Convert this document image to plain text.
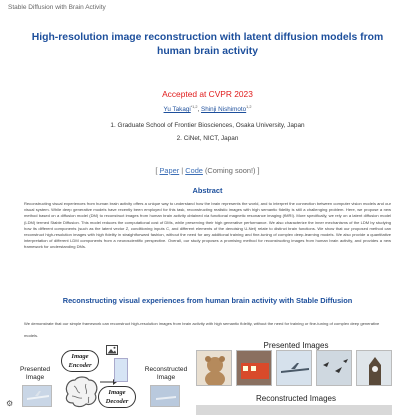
Stable Diffusion with Brain Activity
High-resolution image reconstruction with latent diffusion models from human brain activity
Accepted at CVPR 2023
Yu Takagi$^{*1,2}$, Shinji Nishimoto$^{1,2}$
1. Graduate School of Frontier Biosciences, Osaka University, Japan
2. CiNet, NICT, Japan
[ Paper | Code (Coming soon!) ]
Abstract
Reconstructing visual experiences from human brain activity offers a unique way to understand how the brain represents the world, and to interpret the connection between computer vision models and our visual system. While deep generative models have recently been employed for this task, reconstructing realistic images with high semantic fidelity is still a challenging problem. Here, we propose a new method based on a diffusion model (DM) to reconstruct images from human brain activity obtained via functional magnetic resonance imaging (fMRI). More specifically, we rely on a latent diffusion model (LDM) termed Stable Diffusion. This model reduces the computational cost of DMs, while preserving their high generative performance. We also characterize the inner mechanisms of the LDM by studying how its different components (such as the latent vector Z, conditioning inputs C, and different elements of the denoising U-Net) relate to distinct brain functions. We show that our proposed method can reconstruct high-resolution images with high fidelity in straightforward fashion, without the need for any additional training and fine-tuning of complex deep-learning models. We also provide a quantitative interpretation of different LDM components from a neuroscientific perspective. Overall, our study proposes a promising method for reconstructing images from human brain activity, and provides a new framework for understanding DMs.
Reconstructing visual experiences from human brain activity with Stable Diffusion
We demonstrate that our simple framework can reconstruct high-resolution images from brain activity with high semantic fidelity, without the need for training or fine-tuning of complex deep generative models.
Presented Image
Image Encoder
Image Decoder
Reconstructed Image
Presented Images
Reconstructed Images
⚙
